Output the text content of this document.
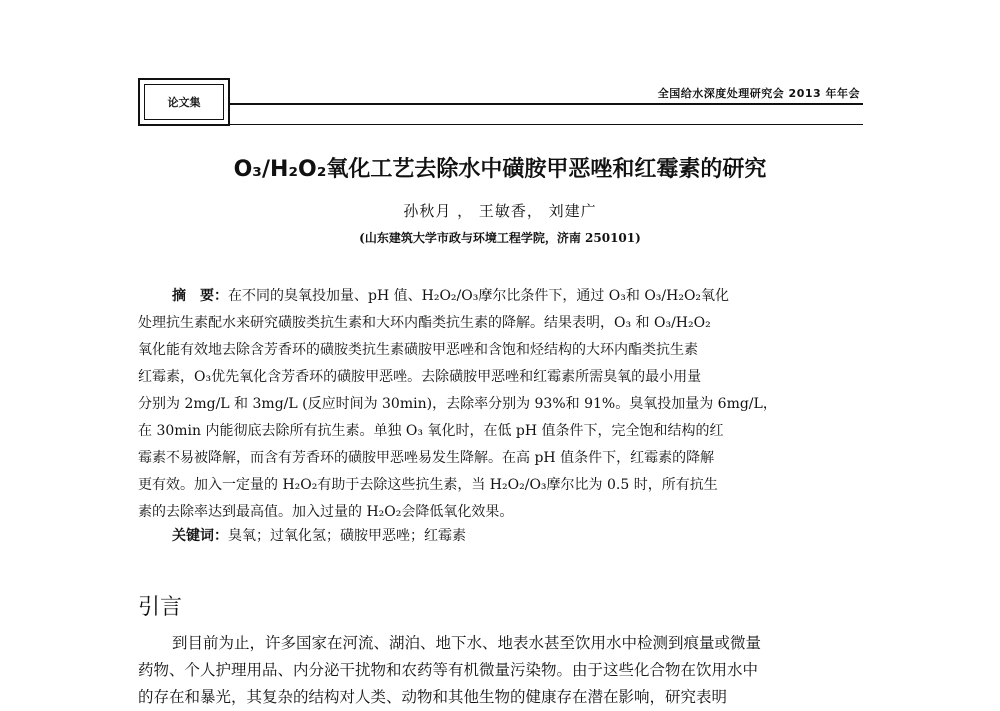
论文集
全国给水深度处理研究会 2013 年年会
O₃/H₂O₂氧化工艺去除水中磺胺甲恶唑和红霉素的研究
孙秋月 ， 王敏香， 刘建广
(山东建筑大学市政与环境工程学院，济南 250101)
摘　要：在不同的臭氧投加量、pH 值、H₂O₂/O₃摩尔比条件下，通过 O₃和 O₃/H₂O₂氧化
处理抗生素配水来研究磺胺类抗生素和大环内酯类抗生素的降解。结果表明，O₃ 和 O₃/H₂O₂
氧化能有效地去除含芳香环的磺胺类抗生素磺胺甲恶唑和含饱和烃结构的大环内酯类抗生素
红霉素，O₃优先氧化含芳香环的磺胺甲恶唑。去除磺胺甲恶唑和红霉素所需臭氧的最小用量
分别为 2mg/L 和 3mg/L (反应时间为 30min)，去除率分别为 93%和 91%。臭氧投加量为 6mg/L，
在 30min 内能彻底去除所有抗生素。单独 O₃ 氧化时，在低 pH 值条件下，完全饱和结构的红
霉素不易被降解，而含有芳香环的磺胺甲恶唑易发生降解。在高 pH 值条件下，红霉素的降解
更有效。加入一定量的 H₂O₂有助于去除这些抗生素，当 H₂O₂/O₃摩尔比为 0.5 时，所有抗生
素的去除率达到最高值。加入过量的 H₂O₂会降低氧化效果。
关键词：臭氧；过氧化氢；磺胺甲恶唑；红霉素
引言
到目前为止，许多国家在河流、湖泊、地下水、地表水甚至饮用水中检测到痕量或微量
药物、个人护理用品、内分泌干扰物和农药等有机微量污染物。由于这些化合物在饮用水中
的存在和暴光，其复杂的结构对人类、动物和其他生物的健康存在潜在影响，研究表明
